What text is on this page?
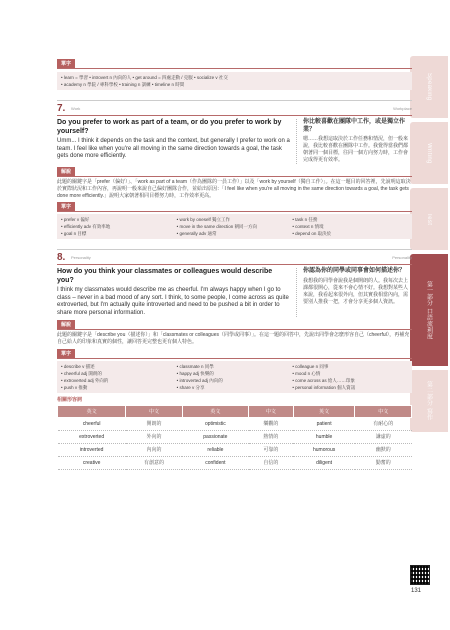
Speaking
Writing
Test
第一部分 口語流利度
第二部分 寫作
單字
• learn = 學習 • introvert n 內向的人 • get around = 四處走動 / 克服 • socialize v 社交
• academy n 學院 / 專科學校 • training n 訓練 • timeline n 時間
7. Work	Workplace
Do you prefer to work as part of a team, or do you prefer to work by yourself?
Umm... I think it depends on the task and the context, but generally I prefer to work on a team. I feel like when you're all moving in the same direction towards a goal, the task gets done more efficiently.
你比較喜歡在團隊中工作，或是獨立作業？
嗯……我想這取決於工作任務和情況，但一般來說，我比較喜歡在團隊中工作。我覺得當我們都朝著同一個目標，往同一個方向努力時，工作會完成得更有效率。
解說
此題的關鍵字是「prefer（偏好）」、「work as part of a team（作為團隊的一員工作）」以及「work by yourself（獨自工作）」。在這一題目的回答裡，先說明這取決於實際狀況和工作內容，再說明一般來說自己偏好團隊合作，並給出原因：「I feel like when you're all moving in the same direction towards a goal, the task gets done more efficiently.」說明大家朝著相同目標努力時，工作效率更高。
單字
• prefer v 偏好	• work by oneself 獨立工作	• task n 任務
• efficiently adv 有效率地	• move in the same direction 朝同一方向	• context n 情境
• goal n 目標	• generally adv 通常	• depend on 取決於
8. Personality	Personality
How do you think your classmates or colleagues would describe you?
I think my classmates would describe me as cheerful. I'm always happy when I go to class – never in a bad mood of any sort. I think, to some people, I come across as quite extroverted, but I'm actually quite introverted and need to be pushed a bit in order to share more personal information.
你認為你的同學或同事會如何描述你？
我想我的同學會說我是個開朗的人。我每次去上課都很開心，從來不會心情不好。我想對某些人來說，我看起來很外向，但其實我相當內向，需要別人推我一把，才會分享更多個人資訊。
解說
此題的關鍵字是「describe you（描述你）」和「classmates or colleagues（同學或同事）」。在這一題的回答中，先說出同學會怎麼形容自己（cheerful），再補充自己給人的印象和真實的個性，讓回答更完整也更有個人特色。
單字
• describe v 描述	• classmate n 同學	• colleague n 同事
• cheerful adj 開朗的	• happy adj 快樂的	• mood n 心情
• extroverted adj 外向的	• introverted adj 內向的	• come across as 給人……印象
• push v 推動	• share v 分享	• personal information 個人資訊
相關形容詞
英文	中文	英文	中文	英文	中文
cheerful	開朗的	optimistic	樂觀的	patient	有耐心的
extroverted	外向的	passionate	熱情的	humble	謙虛的
introverted	內向的	reliable	可靠的	humorous	幽默的
creative	有創意的	confident	自信的	diligent	勤奮的
131
